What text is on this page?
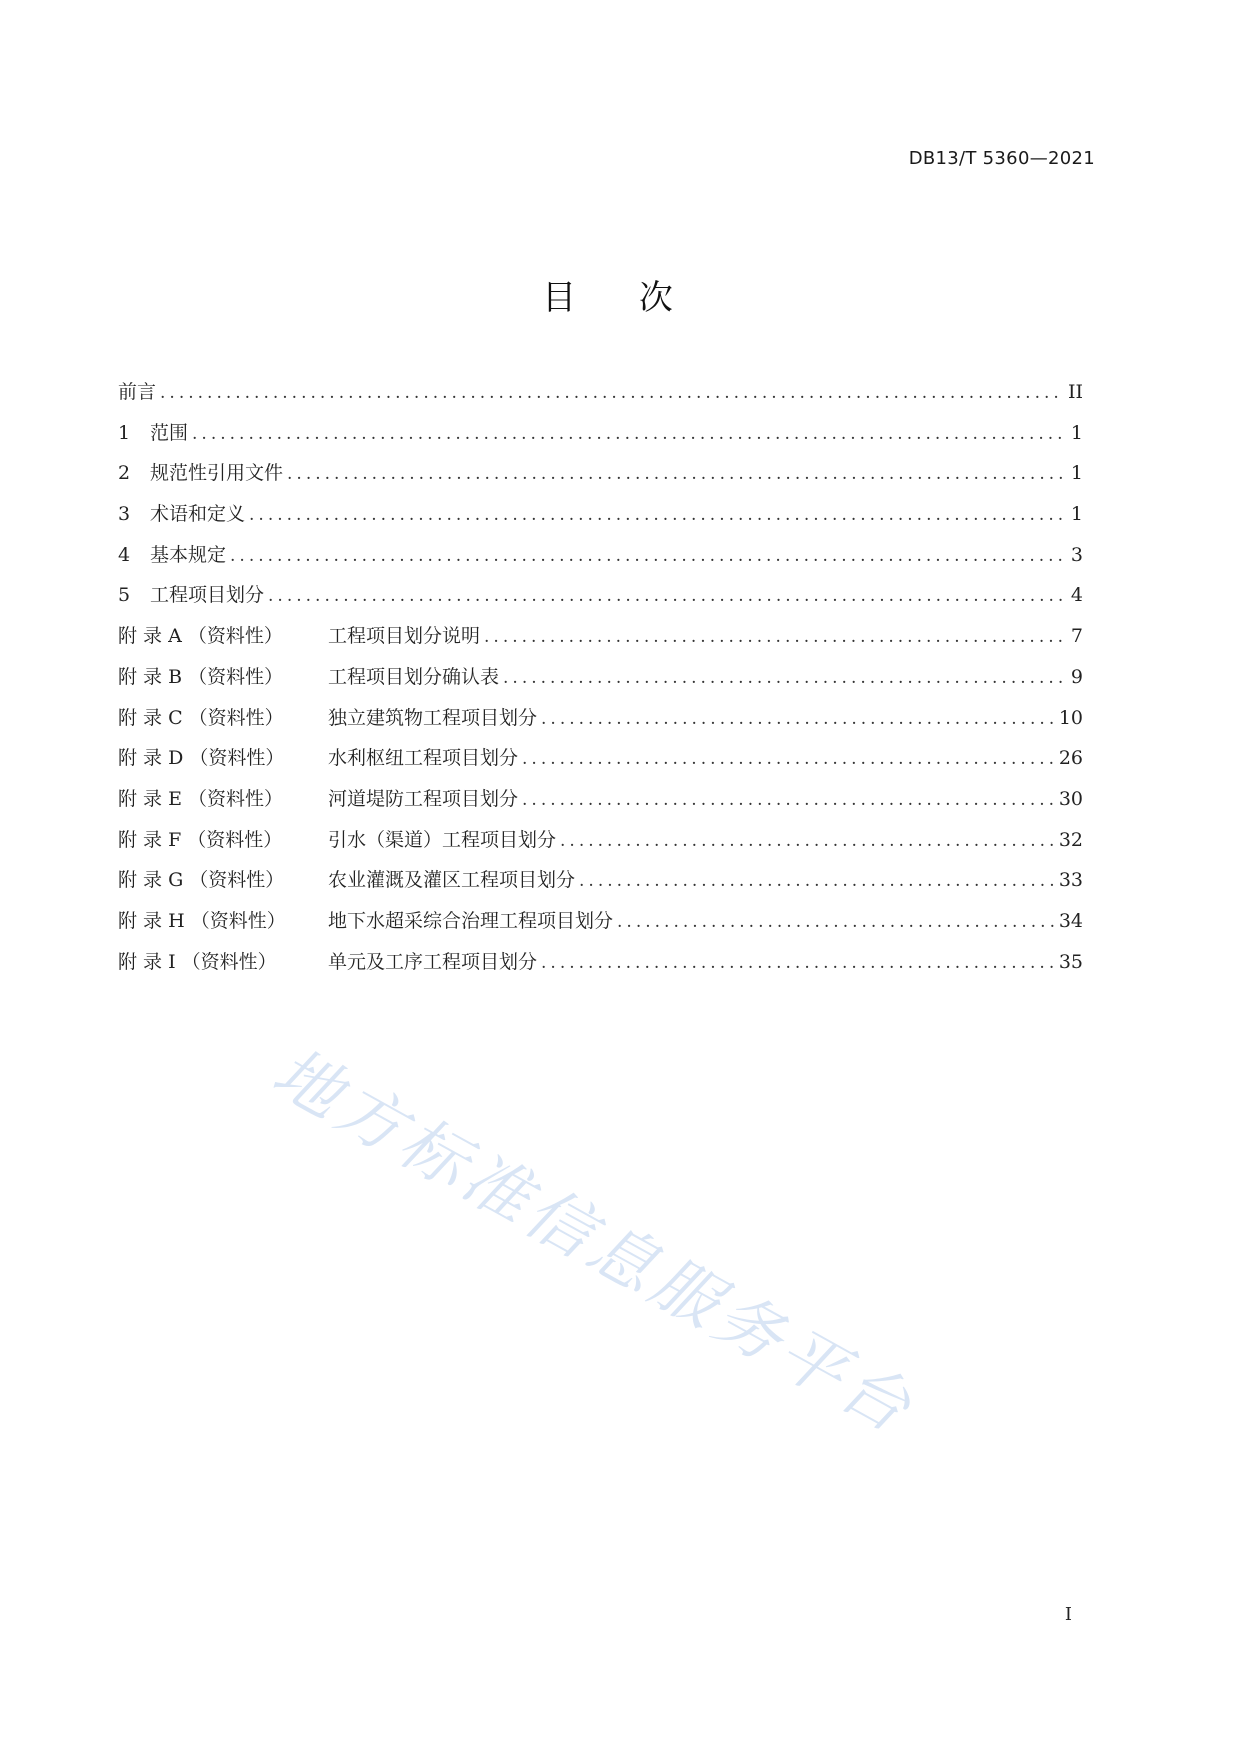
DB13/T 5360—2021
目 次
前言 .....	II
1	范围 .....	1
2	规范性引用文件 .....	1
3	术语和定义 .....	1
4	基本规定 .....	3
5	工程项目划分 .....	4
附 录 A （资料性）	工程项目划分说明 .....	7
附 录 B （资料性）	工程项目划分确认表 .....	9
附 录 C （资料性）	独立建筑物工程项目划分 .....	10
附 录 D （资料性）	水利枢纽工程项目划分 .....	26
附 录 E （资料性）	河道堤防工程项目划分 .....	30
附 录 F （资料性）	引水（渠道）工程项目划分 .....	32
附 录 G （资料性）	农业灌溉及灌区工程项目划分 .....	33
附 录 H （资料性）	地下水超采综合治理工程项目划分 .....	34
附 录 I （资料性）	单元及工序工程项目划分 .....	35
地方标准信息服务平台
I
